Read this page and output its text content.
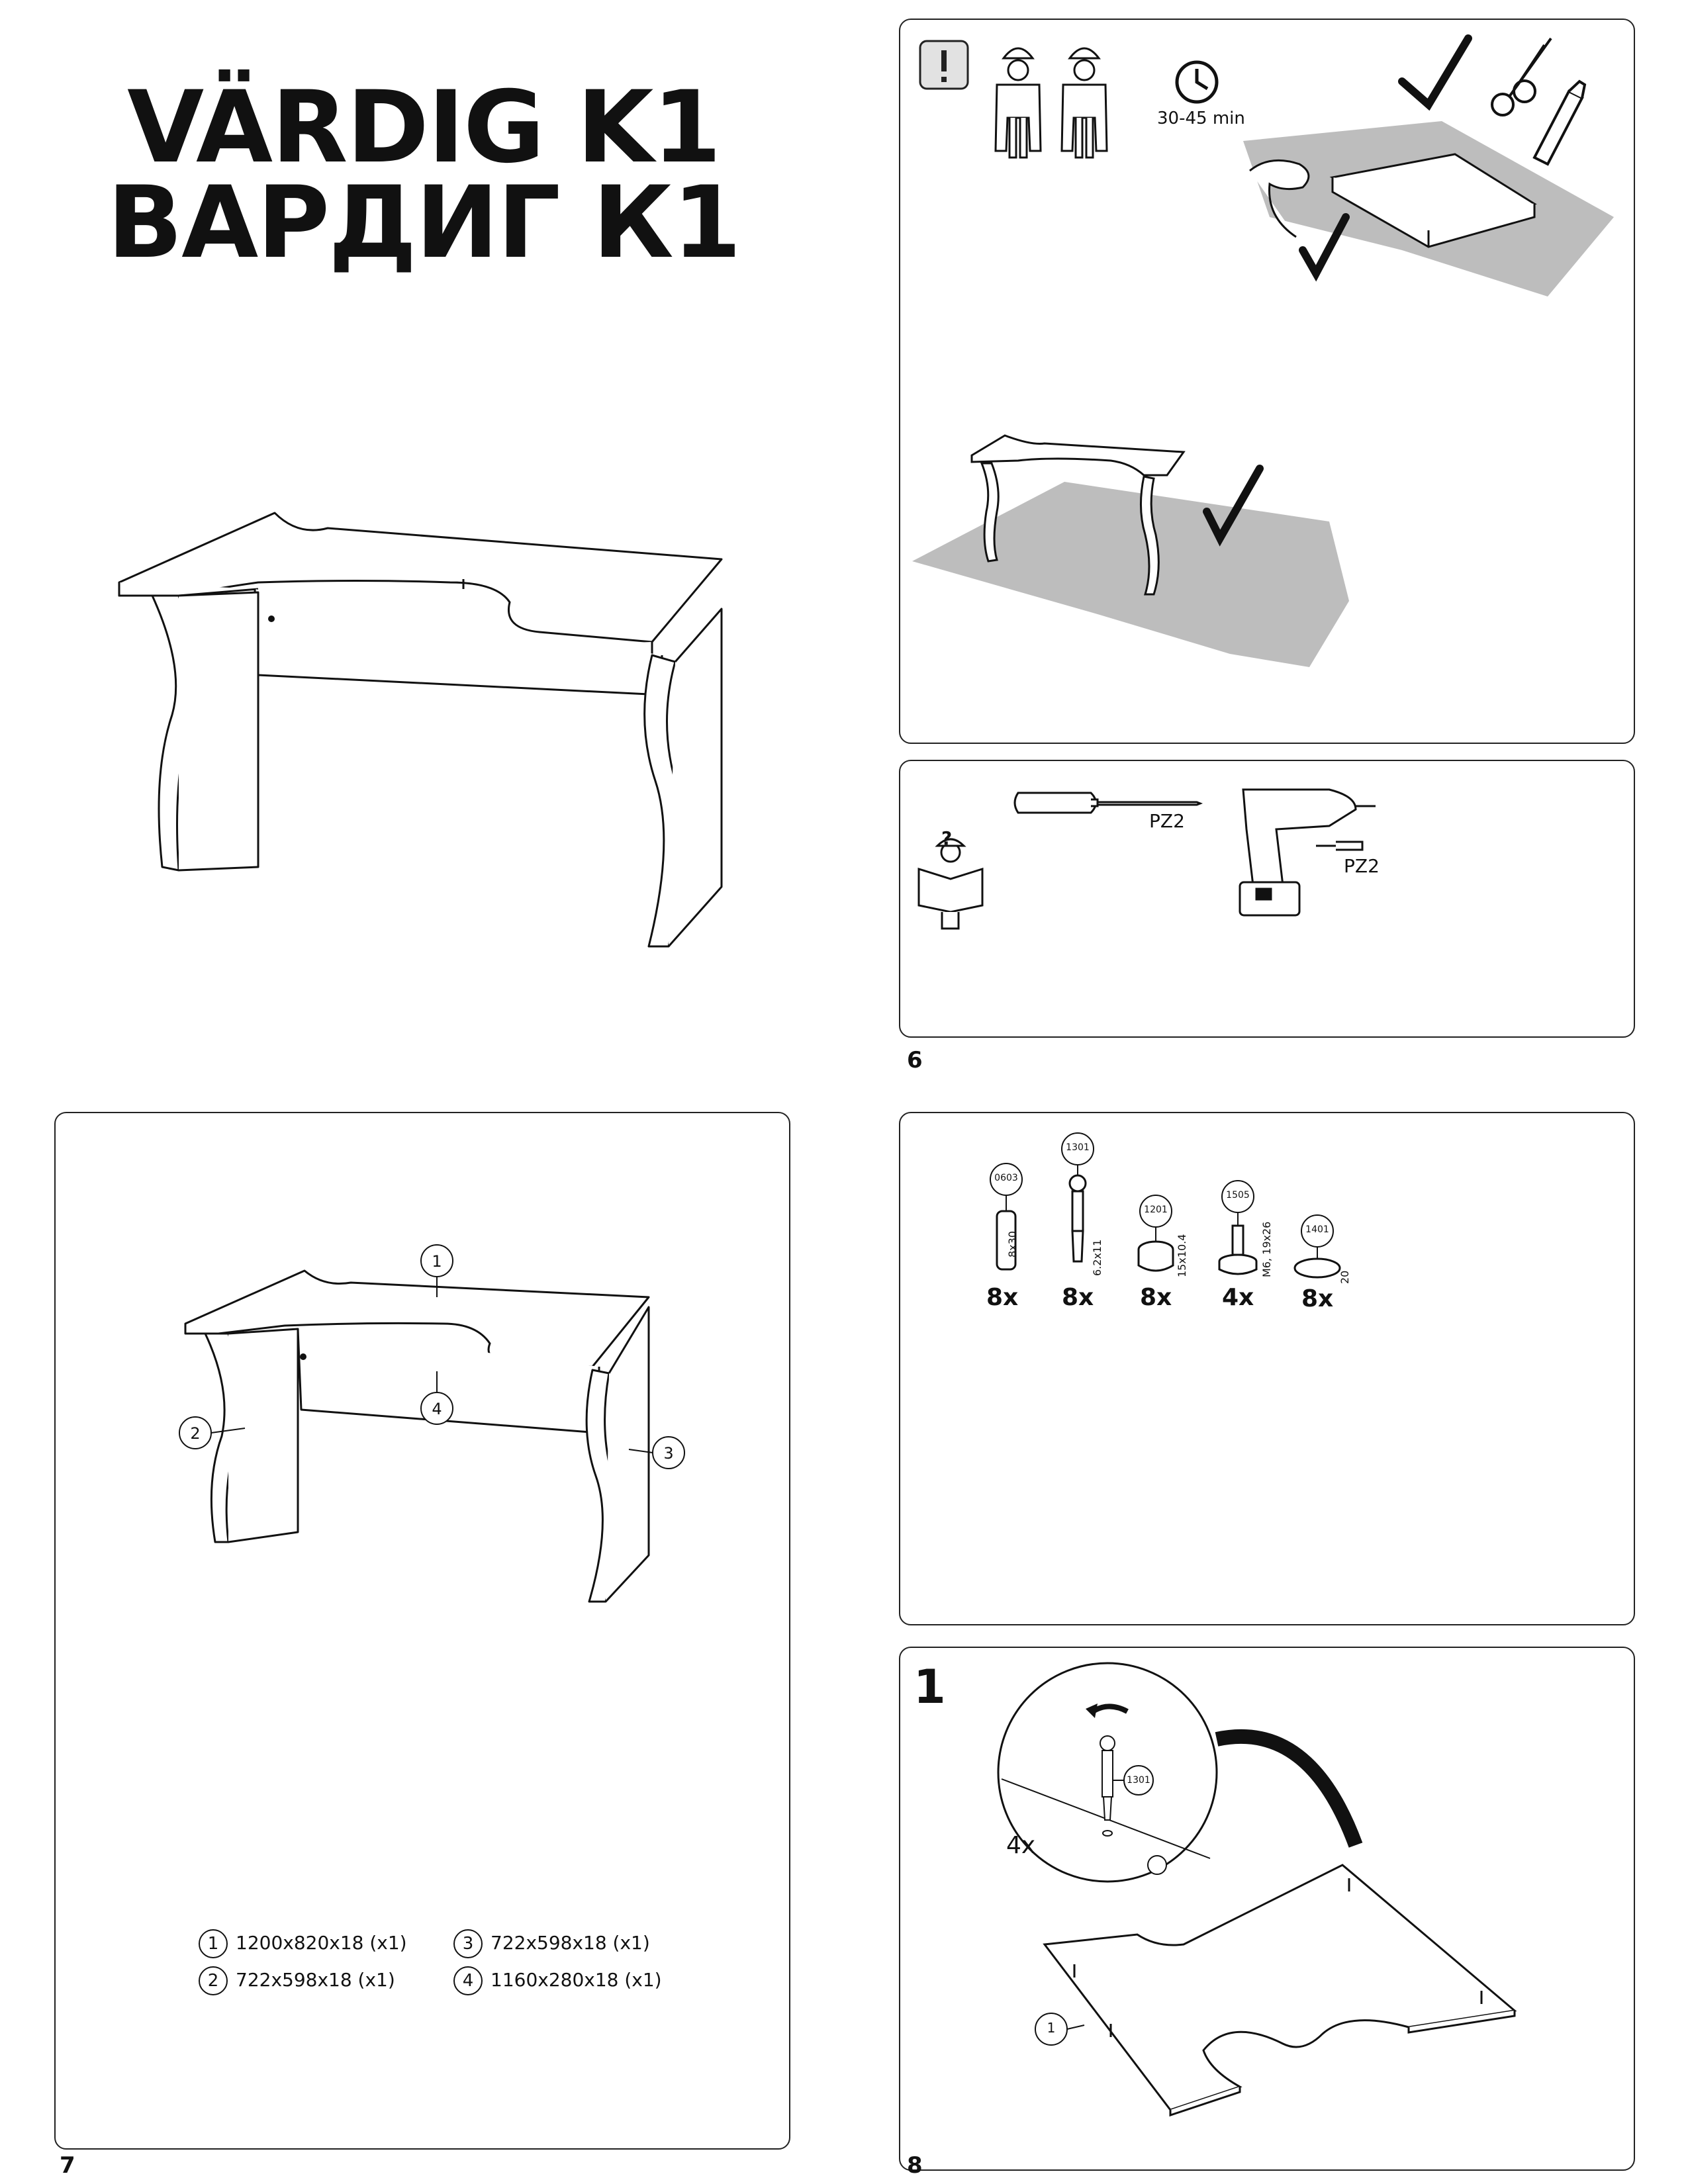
VÄRDIG K1
ВАРДИГ К1
1
4
2
3
1 1200x820x18 (x1)
2 722x598x18 (x1)
3 722x598x18 (x1)
4 1160x280x18 (x1)
7
30-45 min
PZ2
PZ2
?
6
0603
1301
1201
1505
1401
8x30	6.2x11	15x10.4	M6, 19x26	20
8x 8x 8x 4x 8x
1
1301
1
4x
8
